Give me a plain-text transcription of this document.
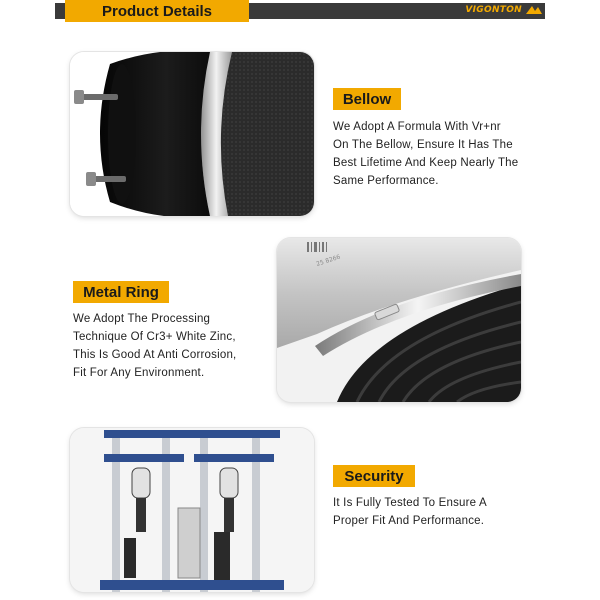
Product Details	VIGONTON
Bellow
We Adopt A Formula With Vr+nr
On The Bellow, Ensure It Has The
Best Lifetime And Keep Nearly The
Same Performance.
Metal Ring
We Adopt The Processing
Technique Of Cr3+ White Zinc,
This Is Good At Anti Corrosion,
Fit For Any Environment.
25 8266
Security
It Is Fully Tested To Ensure A
Proper Fit And Performance.
